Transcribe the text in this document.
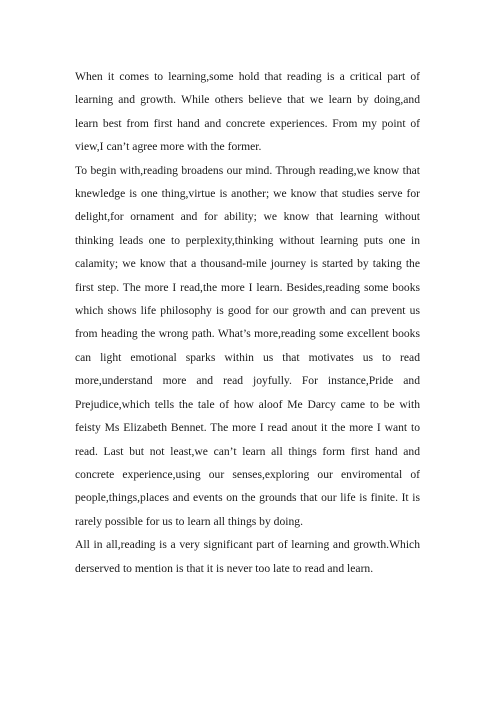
When it comes to learning,some hold that reading is a critical part of learning and growth. While others believe that we learn by doing,and learn best from first hand and concrete experiences. From my point of view,I can’t agree more with the former.

To begin with,reading broadens our mind. Through reading,we know that knewledge is one thing,virtue is another; we know that studies serve for delight,for ornament and for ability; we know that learning without thinking leads one to perplexity,thinking without learning puts one in calamity; we know that a thousand-mile journey is started by taking the first step. The more I read,the more I learn. Besides,reading some books which shows life philosophy is good for our growth and can prevent us from heading the wrong path. What’s more,reading some excellent books can light emotional sparks within us that motivates us to read more,understand more and read joyfully. For instance,Pride and Prejudice,which tells the tale of how aloof Me Darcy came to be with feisty Ms Elizabeth Bennet. The more I read anout it the more I want to read. Last but not least,we can’t learn all things form first hand and concrete experience,using our senses,exploring our enviromental of people,things,places and events on the grounds that our life is finite. It is rarely possible for us to learn all things by doing.

All in all,reading is a very significant part of learning and growth.Which derserved to mention is that it is never too late to read and learn.
